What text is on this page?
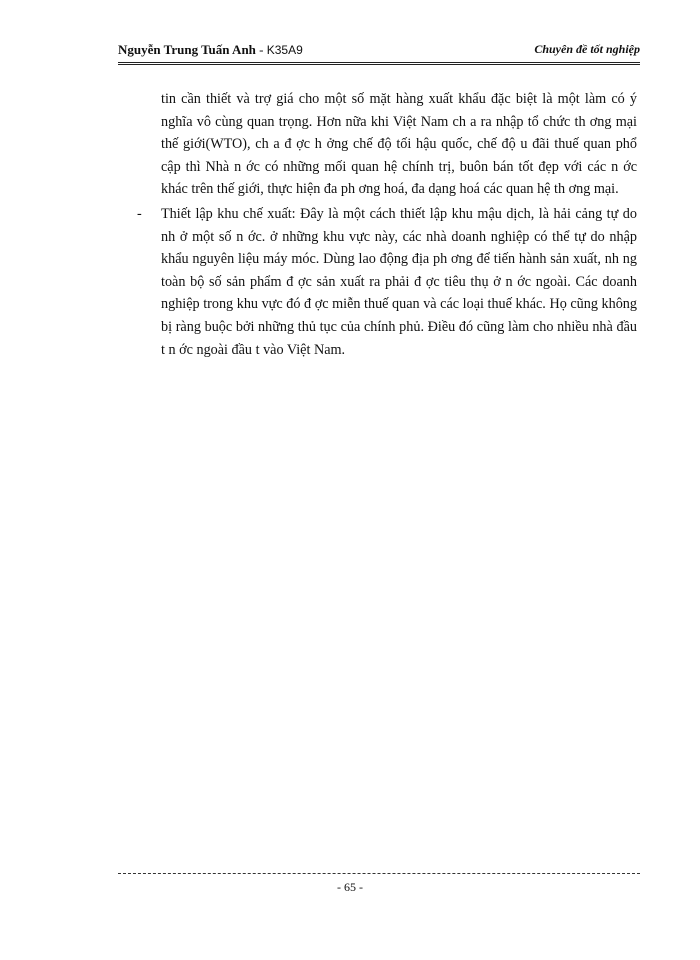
Nguyễn Trung Tuấn Anh - K35A9	Chuyên đề tốt nghiệp

tin cần thiết và trợ giá cho một số mặt hàng xuất khẩu đặc biệt là một làm có ý nghĩa vô cùng quan trọng. Hơn nữa khi Việt Nam ch a ra nhập tổ chức th ơng mại thế giới(WTO), ch a đ ợc h ởng chế độ tối hậu quốc, chế độ u đãi thuế quan phổ cập thì Nhà n ớc có những mối quan hệ chính trị, buôn bán tốt đẹp với các n ớc khác trên thế giới, thực hiện đa ph ơng hoá, đa dạng hoá các quan hệ th ơng mại.

- Thiết lập khu chế xuất: Đây là một cách thiết lập khu mậu dịch, là hải cảng tự do nh ở một số n ớc. ở những khu vực này, các nhà doanh nghiệp có thể tự do nhập khẩu nguyên liệu máy móc. Dùng lao động địa ph ơng để tiến hành sản xuất, nh ng toàn bộ số sản phẩm đ ợc sản xuất ra phải đ ợc tiêu thụ ở n ớc ngoài. Các doanh nghiệp trong khu vực đó đ ợc miễn thuế quan và các loại thuế khác. Họ cũng không bị ràng buộc bởi những thủ tục của chính phủ. Điều đó cũng làm cho nhiều nhà đầu t n ớc ngoài đầu t vào Việt Nam.

- 65 -
